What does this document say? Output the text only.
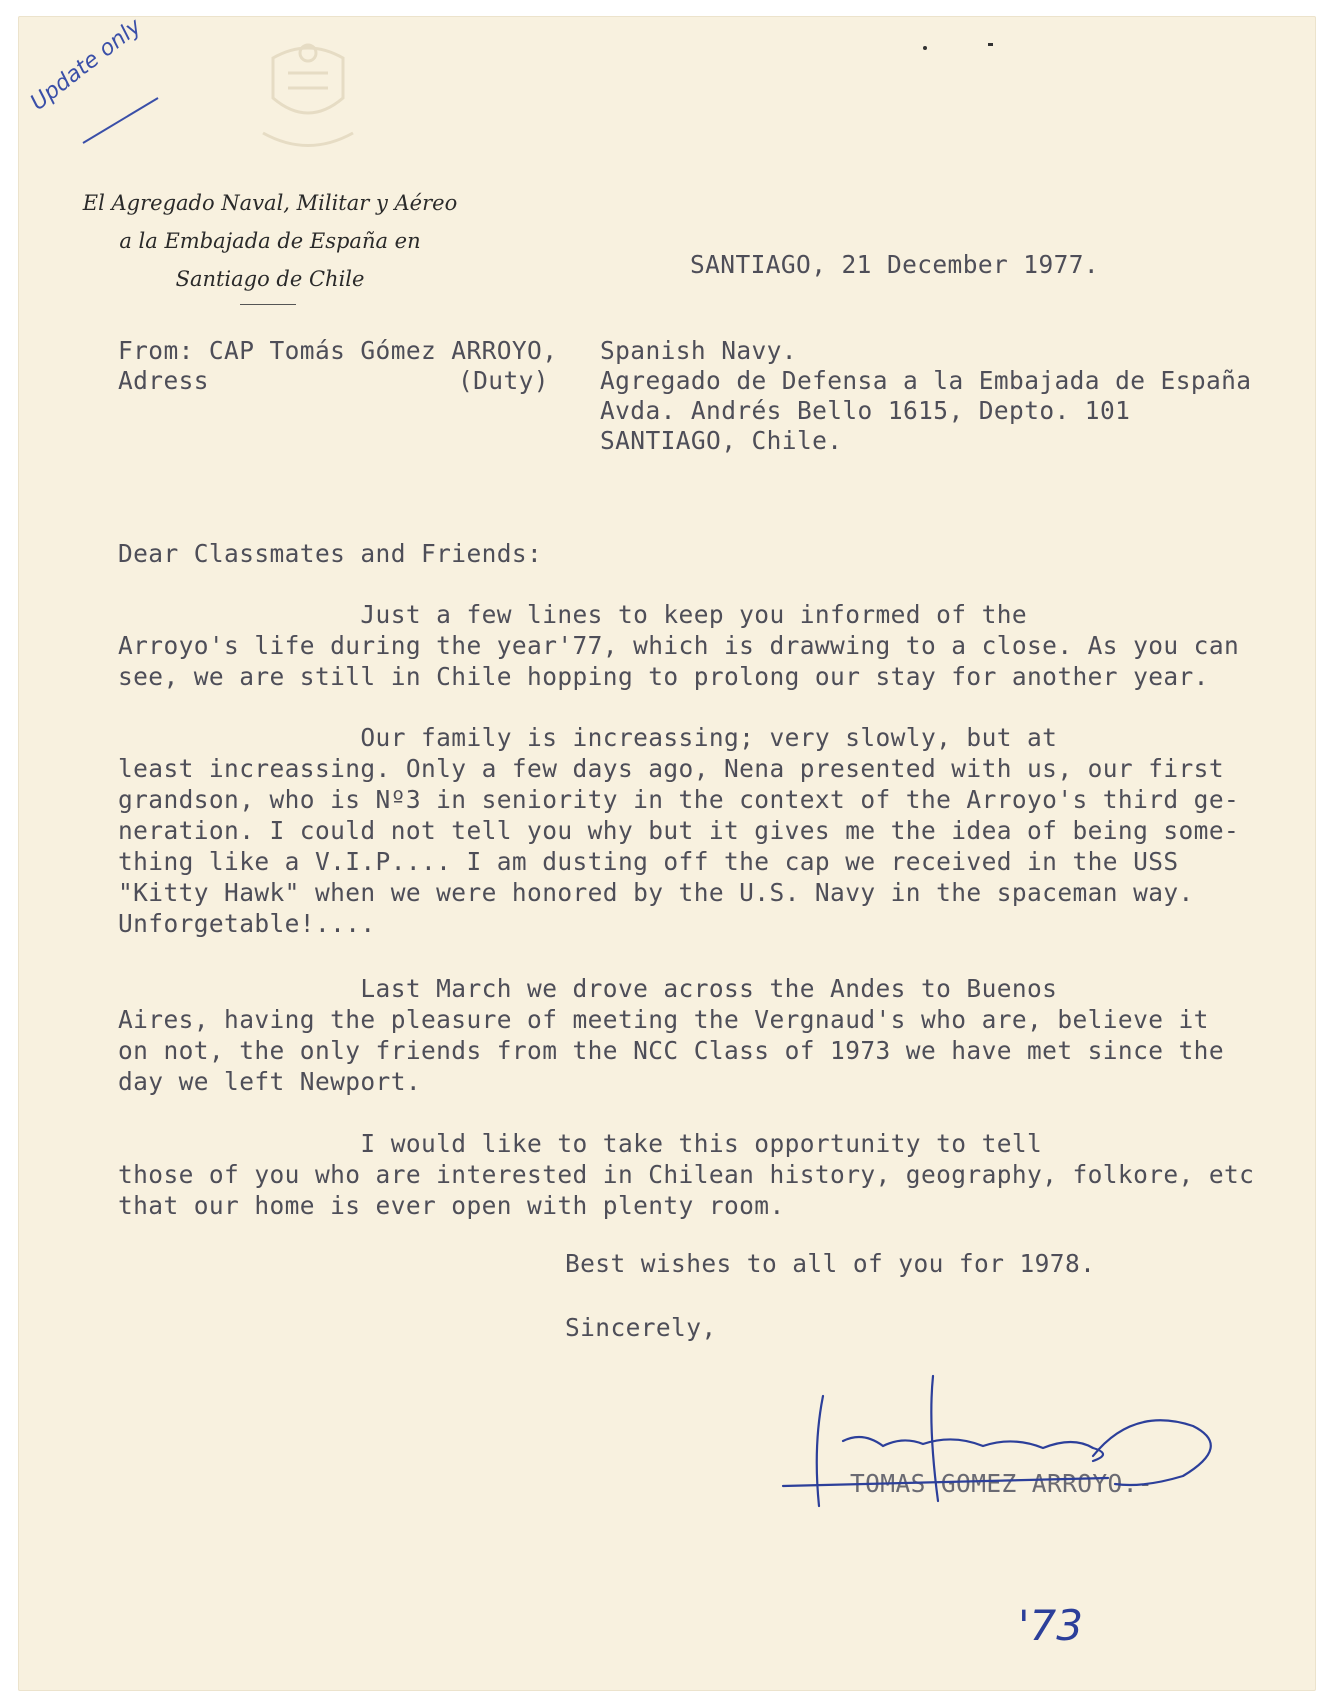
Update only
El Agregado Naval, Militar y Aéreo
a la Embajada de España en
Santiago de Chile	SANTIAGO, 21 December 1977.
From: CAP Tomás Gómez ARROYO, Spanish Navy.
Adress	(Duty) Agregado de Defensa a la Embajada de España
Avda. Andrés Bello 1615, Depto. 101
SANTIAGO, Chile.
Dear Classmates and Friends:
Just a few lines to keep you informed of the
Arroyo's life during the year'77, which is drawwing to a close. As you can
see, we are still in Chile hopping to prolong our stay for another year.
Our family is increassing; very slowly, but at
least increassing. Only a few days ago, Nena presented with us, our first
grandson, who is Nº3 in seniority in the context of the Arroyo's third ge-
neration. I could not tell you why but it gives me the idea of being some-
thing like a V.I.P.... I am dusting off the cap we received in the USS
"Kitty Hawk" when we were honored by the U.S. Navy in the spaceman way.
Unforgetable!....
Last March we drove across the Andes to Buenos
Aires, having the pleasure of meeting the Vergnaud's who are, believe it
on not, the only friends from the NCC Class of 1973 we have met since the
day we left Newport.
I would like to take this opportunity to tell
those of you who are interested in Chilean history, geography, folkore, etc
that our home is ever open with plenty room.
Best wishes to all of you for 1978.
Sincerely,
TOMAS GOMEZ ARROYO.-
'73
